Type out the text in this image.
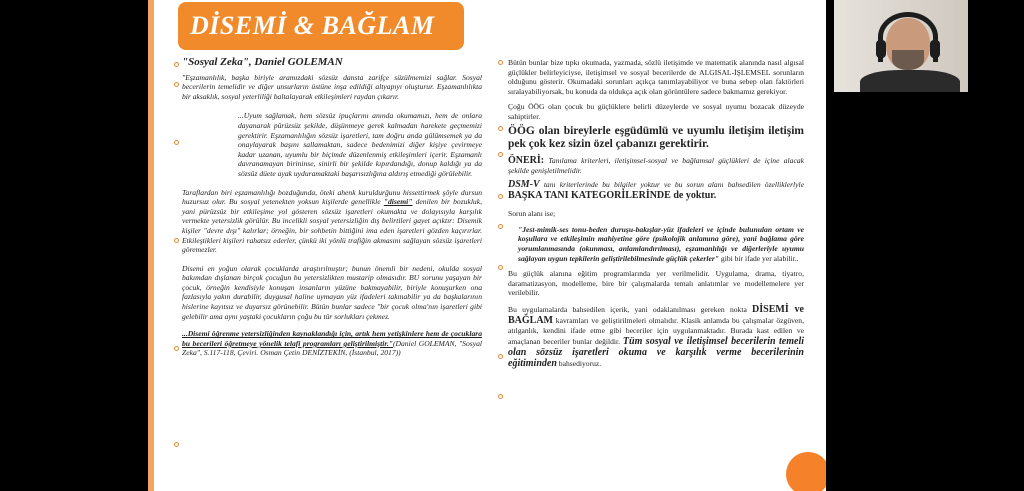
DİSEMİ & BAĞLAM

"Sosyal Zeka", Daniel GOLEMAN

"Eşzamanlılık, başka biriyle aramızdaki sözsüz dansta zarifçe süzülmemizi sağlar. Sosyal becerilerin temelidir ve diğer unsurların üstüne inşa edildiği altyapıyı oluşturur. Eşzamanlılıkta bir aksaklık, sosyal yeterliliği baltalayarak etkileşimleri raydan çıkarır.

...Uyum sağlamak, hem sözsüz ipuçlarını anında okumamızı, hem de onlara dayanarak pürüzsüz şekilde, düşünmeye gerek kalmadan harekete geçmemizi gerektirir. Eşzamanlılığın sözsüz işaretleri, tam doğru anda gülümsemek ya da onaylayarak başını sallamaktan, sadece bedenimizi diğer kişiye çevirmeye kadar uzanan, uyumlu bir biçimde düzenlenmiş etkileşimleri içerir. Eşzamanlı davranamayan birininse, sinirli bir şekilde kıpırdandığı, donup kaldığı ya da sözsüz düete ayak uyduramaktaki başarısızlığına aldırış etmediği görülebilir.

Taraflardan biri eşzamanlılığı bozduğunda, öteki ahenk kuruldurğunu hissettirmek şöyle dursun huzursuz olur. Bu sosyal yetenekten yoksun kişilerde genellikle "disemi" denilen bir bozukluk, yani pürüzsüz bir etkileşime yol gösteren sözsüz işaretleri okumakta ve dolayısıyla karşılık vermekte yetersizlik görülür. Bu incelikli sosyal yetersizliğin dış belirtileri gayet açıktır: Disemik kişiler "devre dışı" kalırlar; örneğin, bir sohbetin bittiğini ima eden işaretleri gözden kaçırırlar. Etkileştikleri kişileri rahatsız ederler, çünkü iki yönlü trafiğin akmasını sağlayan sözsüz işaretleri göremezler.

Disemi en yoğun olarak çocuklarda araştırılmıştır; bunun önemli bir nedeni, okulda sosyal bakımdan dışlanan birçok çocuğun bu yetersizlikten mustarip olmasıdır. BU sorunu yaşayan bir çocuk, örneğin kendisiyle konuşan insanların yüzüne bakmayabilir, biriyle konuşurken ona fazlasıyla yakın durabilir, duygusal haline uymayan yüz ifadeleri takınabilir ya da başkalarının hislerine kayıtsız ve duyarsız görünebilir. Bütün bunlar sadece "bir çocuk olma'nın işaretleri gibi gelebilir ama aynı yaştaki çocukların çoğu bu tür sorlukları çekmez.

...Disemi öğrenme yetersizliğinden kaynaklandığı için, artık hem yetişkinlere hem de çocuklara bu becerileri öğretmeye yönelik telafi programları geliştirilmiştir."(Daniel GOLEMAN, "Sosyal Zeka", S.117-118, Çeviri. Osman Çetin DENİZTEKİN, (İstanbul, 2017))

Bütün bunlar bize tıpkı okumada, yazmada, sözlü iletişimde ve matematik alanında nasıl algısal güçlükler belirleyiciyse, iletişimsel ve sosyal becerilerde de ALGISAL-İŞLEMSEL sorunların olduğunu gösterir. Okumadaki sorunları açıkça tanımlayabiliyor ve buna sebep olan faktörleri sıralayabiliyorsak, bu konuda da oldukça açık olan görüntülere sadece bakmamız gerekiyor.

Çoğu ÖÖG olan çocuk bu güçlüklere belirli düzeylerde ve sosyal uyumu bozacak düzeyde sahiptirler.

ÖÖG olan bireylerle eşgüdümlü ve uyumlu iletişim iletişim pek çok kez sizin özel çabanızı gerektirir.

ÖNERİ: Tanılama kriterleri, iletişimsel-sosyal ve bağlamsal güçlükleri de içine alacak şekilde genişletilmelidir.

DSM-V tanı kriterlerinde bu bilgiler yoktur ve bu sorun alanı bahsedilen özelliklerlyle BAŞKA TANI KATEGORİLERİNDE de yoktur.

Sorun alanı ise;

"Jest-mimik-ses tonu-beden duruşu-bakışlar-yüz ifadeleri ve içinde bulunulan ortam ve koşullara ve etkileşimin mahiyetine göre (psikolojik anlamına göre), yani bağlama göre yorumlanmasında (okunması, anlamlandırılması), eşzamanlılığı ve diğerleriyle uyumu sağlayan uygun tepkilerin geliştirilebilmesinde güçlük çekerler" gibi bir ifade yer alabilir..

Bu güçlük alanına eğitim programlarında yer verilmelidir. Uygulama, drama, tiyatro, daramatizasyon, modelleme, bire bir çalışmalarda temalı anlatımlar ve modellemelere yer verilebilir.

Bu uygulamalarda bahsedilen içerik, yani odaklanılması gereken nokta DİSEMİ ve BAĞLAM kavramları ve geliştirilmeleri olmalıdır. Klasik anlamda bu çalışmalar özgüven, atılganlık, kendini ifade etme gibi beceriler için uygulanmaktadır. Burada kast edilen ve amaçlanan beceriler bunlar değildir. Tüm sosyal ve iletişimsel becerilerin temeli olan sözsüz işaretleri okuma ve karşılık verme becerilerinin eğitiminden bahsediyoruz.
